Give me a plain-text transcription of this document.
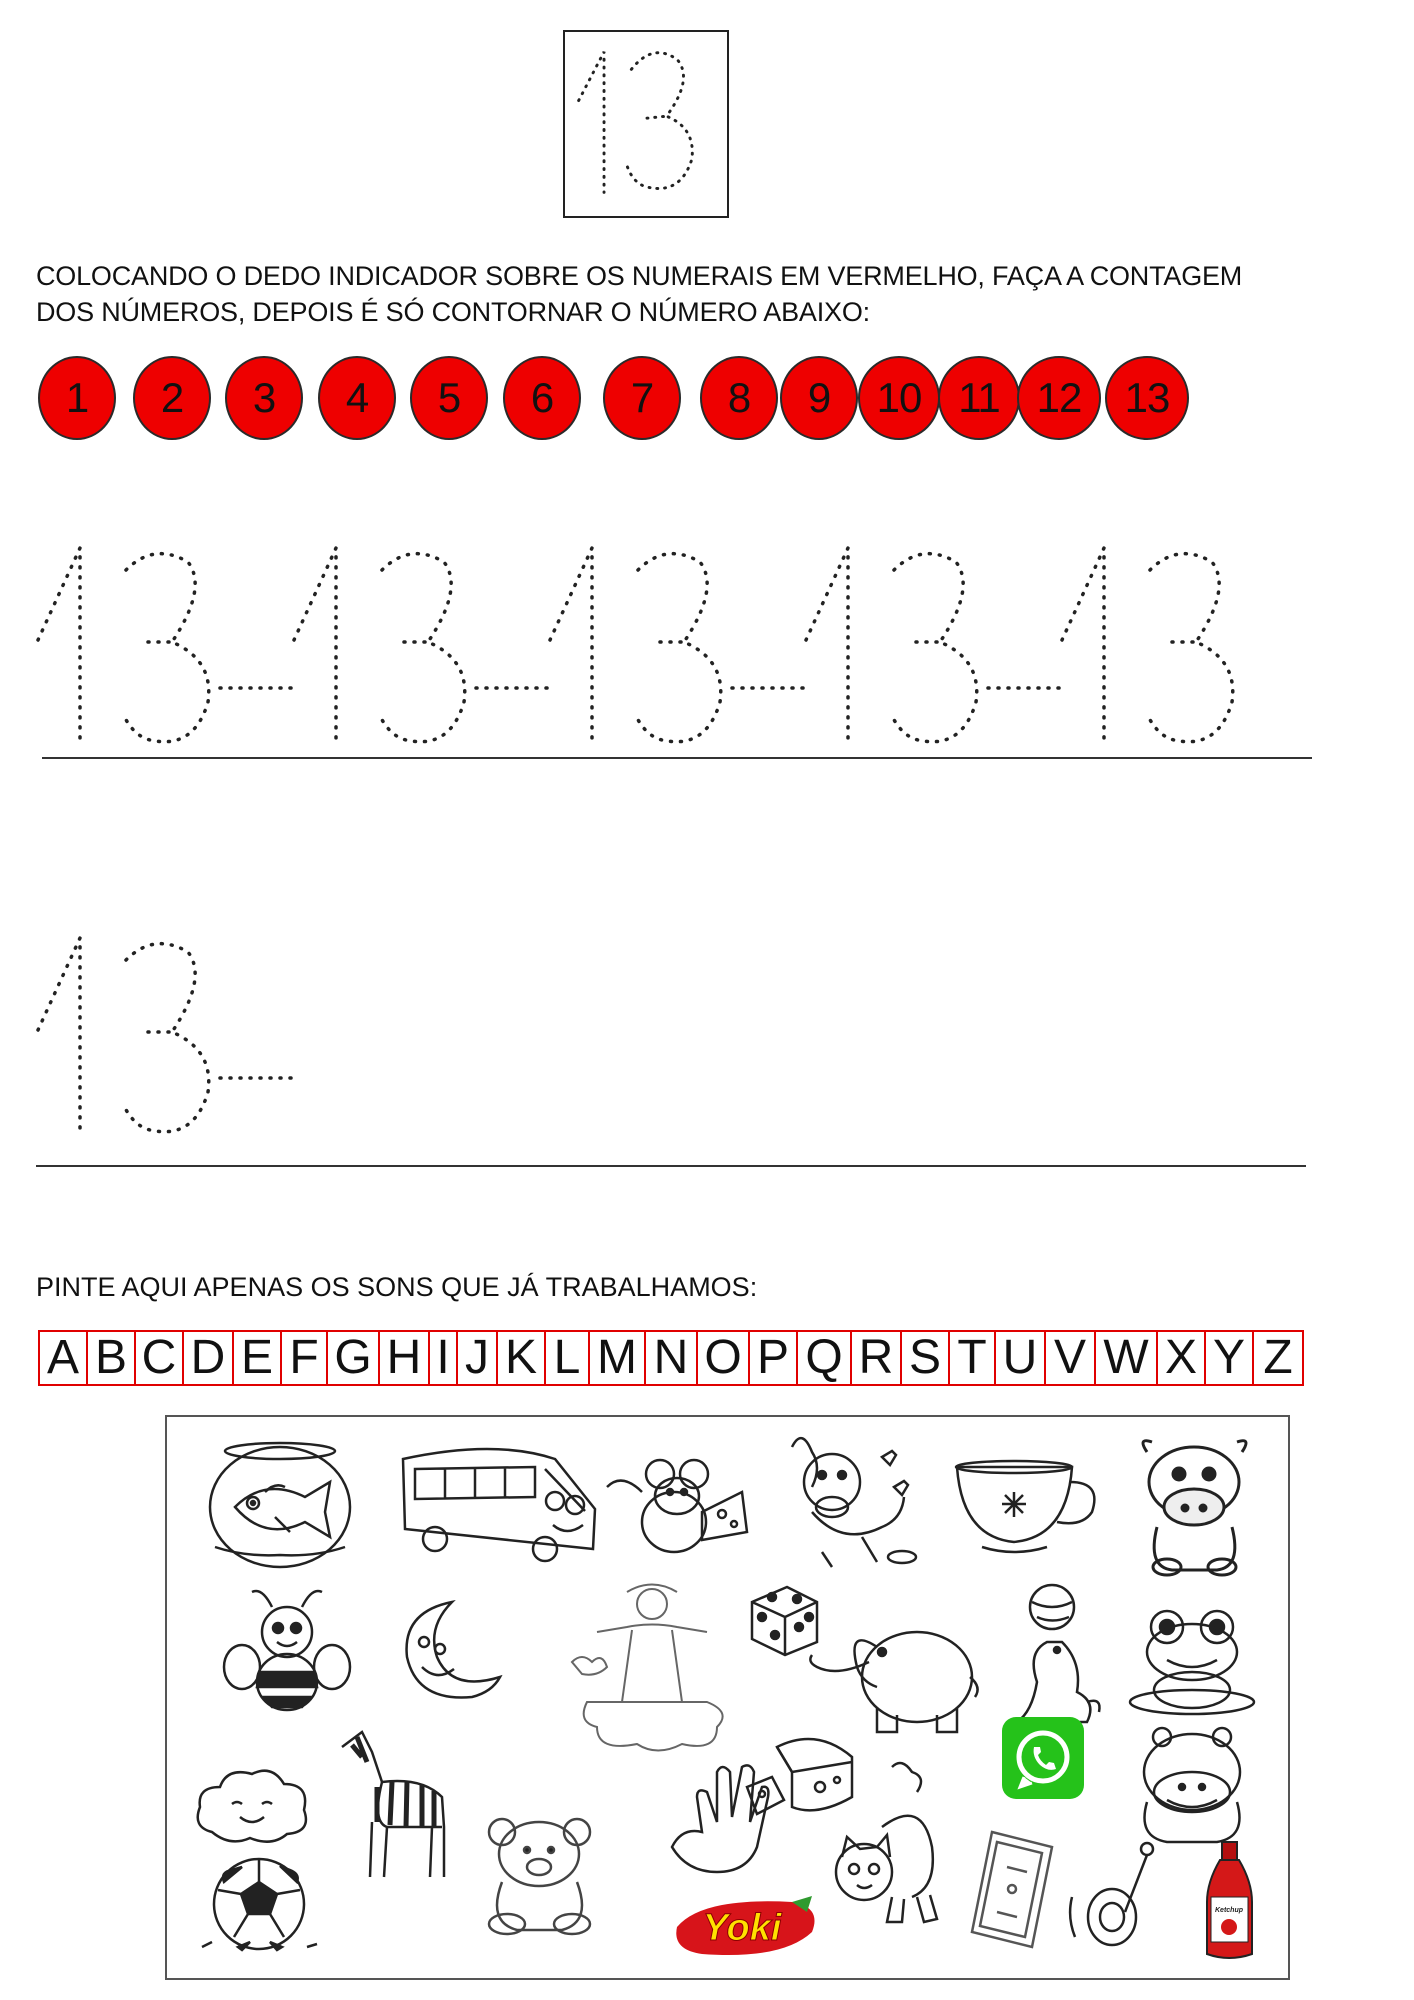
COLOCANDO O DEDO INDICADOR SOBRE OS NUMERAIS EM VERMELHO, FAÇA A CONTAGEM
DOS NÚMEROS, DEPOIS É SÓ CONTORNAR O NÚMERO ABAIXO:
1	2	3	4	5	6	7	8	9	10 11 12	13
PINTE AQUI APENAS OS SONS QUE JÁ TRABALHAMOS:
A B C D E F G H I J K L M N O P Q R S T U V W X Y Z
Ketchup
Yoki
